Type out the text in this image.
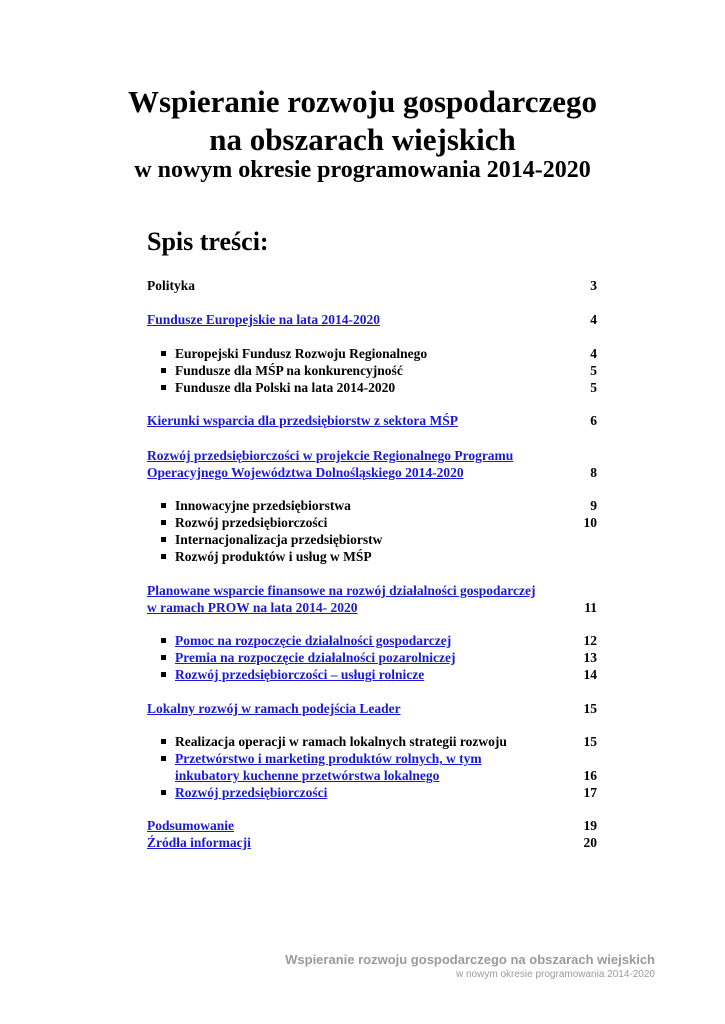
Wspieranie rozwoju gospodarczego
na obszarach wiejskich
w nowym okresie programowania 2014-2020
Spis treści:
Polityka	3
Fundusze Europejskie na lata 2014-2020	4
Europejski Fundusz Rozwoju Regionalnego	4
Fundusze dla MŚP na konkurencyjność	5
Fundusze dla Polski na lata 2014-2020	5
Kierunki wsparcia dla przedsiębiorstw z sektora MŚP	6
Rozwój przedsiębiorczości w projekcie Regionalnego Programu
Operacyjnego Województwa Dolnośląskiego 2014-2020	8
Innowacyjne przedsiębiorstwa	9
Rozwój przedsiębiorczości	10
Internacjonalizacja przedsiębiorstw
Rozwój produktów i usług w MŚP
Planowane wsparcie finansowe na rozwój działalności gospodarczej
w ramach PROW na lata 2014- 2020	11
Pomoc na rozpoczęcie działalności gospodarczej	12
Premia na rozpoczęcie działalności pozarolniczej	13
Rozwój przedsiębiorczości – usługi rolnicze	14
Lokalny rozwój w ramach podejścia Leader	15
Realizacja operacji w ramach lokalnych strategii rozwoju	15
Przetwórstwo i marketing produktów rolnych, w tym
inkubatory kuchenne przetwórstwa lokalnego	16
Rozwój przedsiębiorczości	17
Podsumowanie	19
Źródła informacji	20
Wspieranie rozwoju gospodarczego na obszarach wiejskich
w nowym okresie programowania 2014-2020
